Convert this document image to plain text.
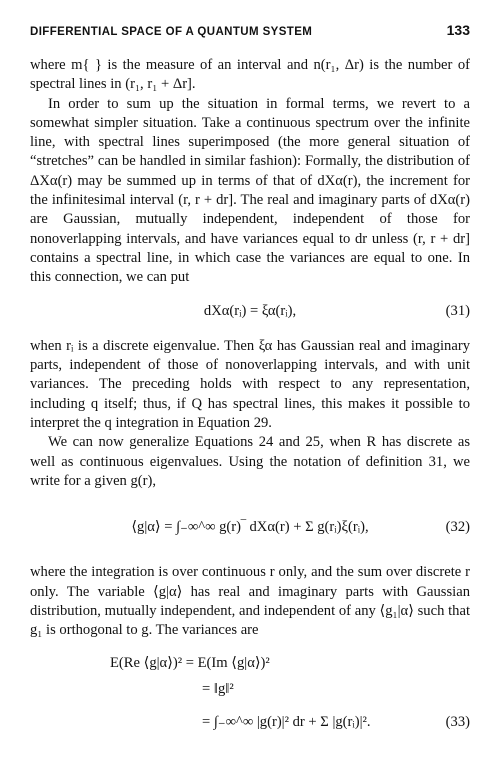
DIFFERENTIAL SPACE OF A QUANTUM SYSTEM	133

where m{ } is the measure of an interval and n(r₁, Δr) is the number of spectral lines in (r₁, r₁ + Δr].

In order to sum up the situation in formal terms, we revert to a somewhat simpler situation. Take a continuous spectrum over the infinite line, with spectral lines superimposed (the more general situation of “stretches” can be handled in similar fashion): Formally, the distribution of ΔXα(r) may be summed up in terms of that of dXα(r), the increment for the infinitesimal interval (r, r + dr]. The real and imaginary parts of dXα(r) are Gaussian, mutually independent, independent of those for nonoverlapping intervals, and have variances equal to dr unless (r, r + dr] contains a spectral line, in which case the variances are equal to one. In this connection, we can put

dXα(rᵢ) = ξα(rᵢ),	(31)

when rᵢ is a discrete eigenvalue. Then ξα has Gaussian real and imaginary parts, independent of those of nonoverlapping intervals, and with unit variances. The preceding holds with respect to any representation, including q itself; thus, if Q has spectral lines, this makes it possible to interpret the q integration in Equation 29.

We can now generalize Equations 24 and 25, when R has discrete as well as continuous eigenvalues. Using the notation of definition 31, we write for a given g(r),

⟨g|α⟩ = ∫₋∞^∞ g(r)‾ dXα(r) + Σ g(rᵢ)ξ(rᵢ),	(32)

where the integration is over continuous r only, and the sum over discrete r only. The variable ⟨g|α⟩ has real and imaginary parts with Gaussian distribution, mutually independent, and independent of any ⟨g₁|α⟩ such that g₁ is orthogonal to g. The variances are

E(Re ⟨g|α⟩)² = E(Im ⟨g|α⟩)²
= ‖g‖²
= ∫₋∞^∞ |g(r)|² dr + Σ |g(rᵢ)|².	(33)
